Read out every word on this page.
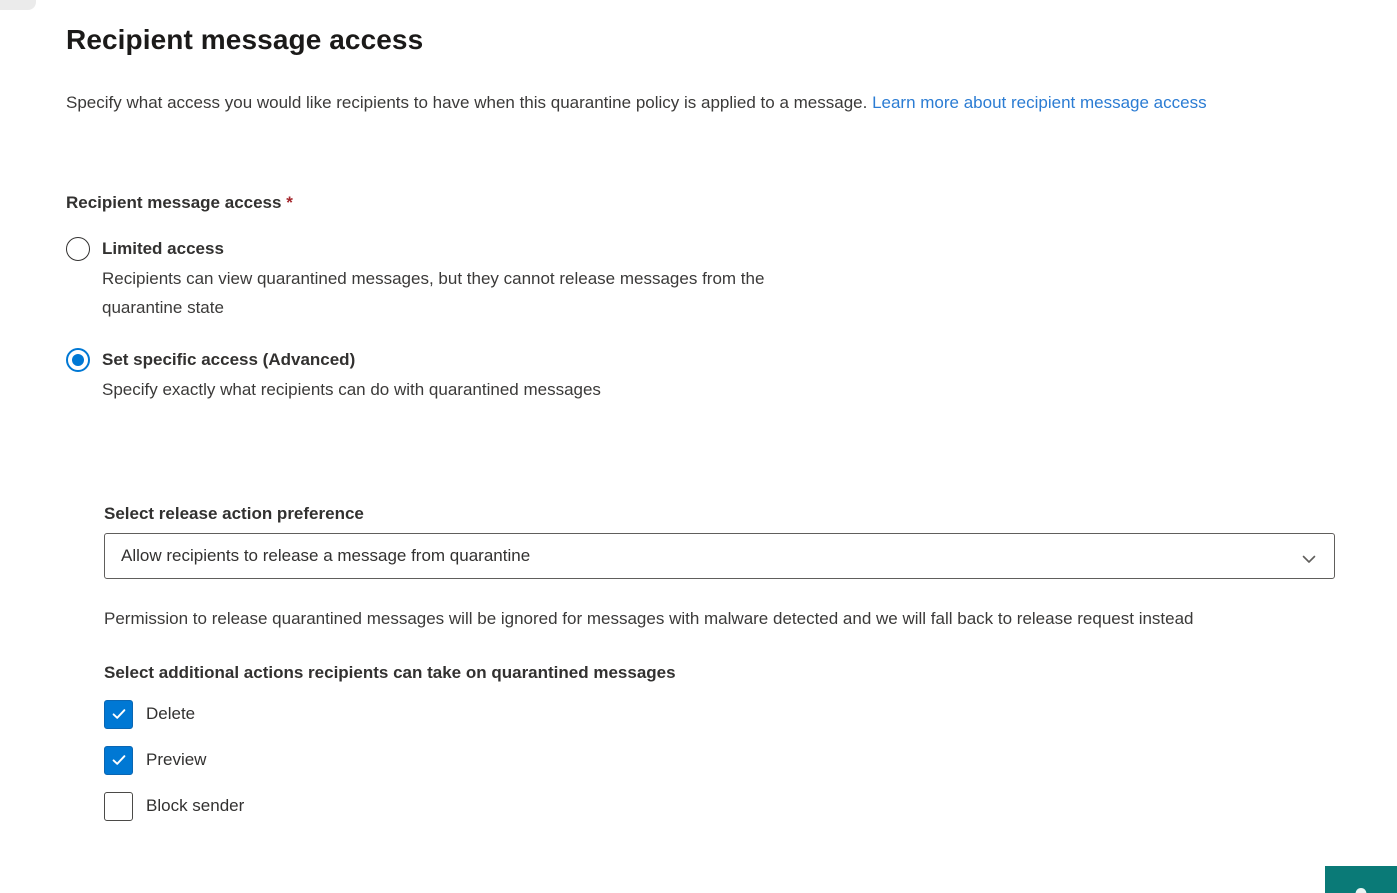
Recipient message access

Specify what access you would like recipients to have when this quarantine policy is applied to a message. Learn more about recipient message access

Recipient message access *
Limited access
Recipients can view quarantined messages, but they cannot release messages from the quarantine state
Set specific access (Advanced)
Specify exactly what recipients can do with quarantined messages
Select release action preference
Allow recipients to release a message from quarantine

Permission to release quarantined messages will be ignored for messages with malware detected and we will fall back to release request instead

Select additional actions recipients can take on quarantined messages
Delete
Preview
Block sender
